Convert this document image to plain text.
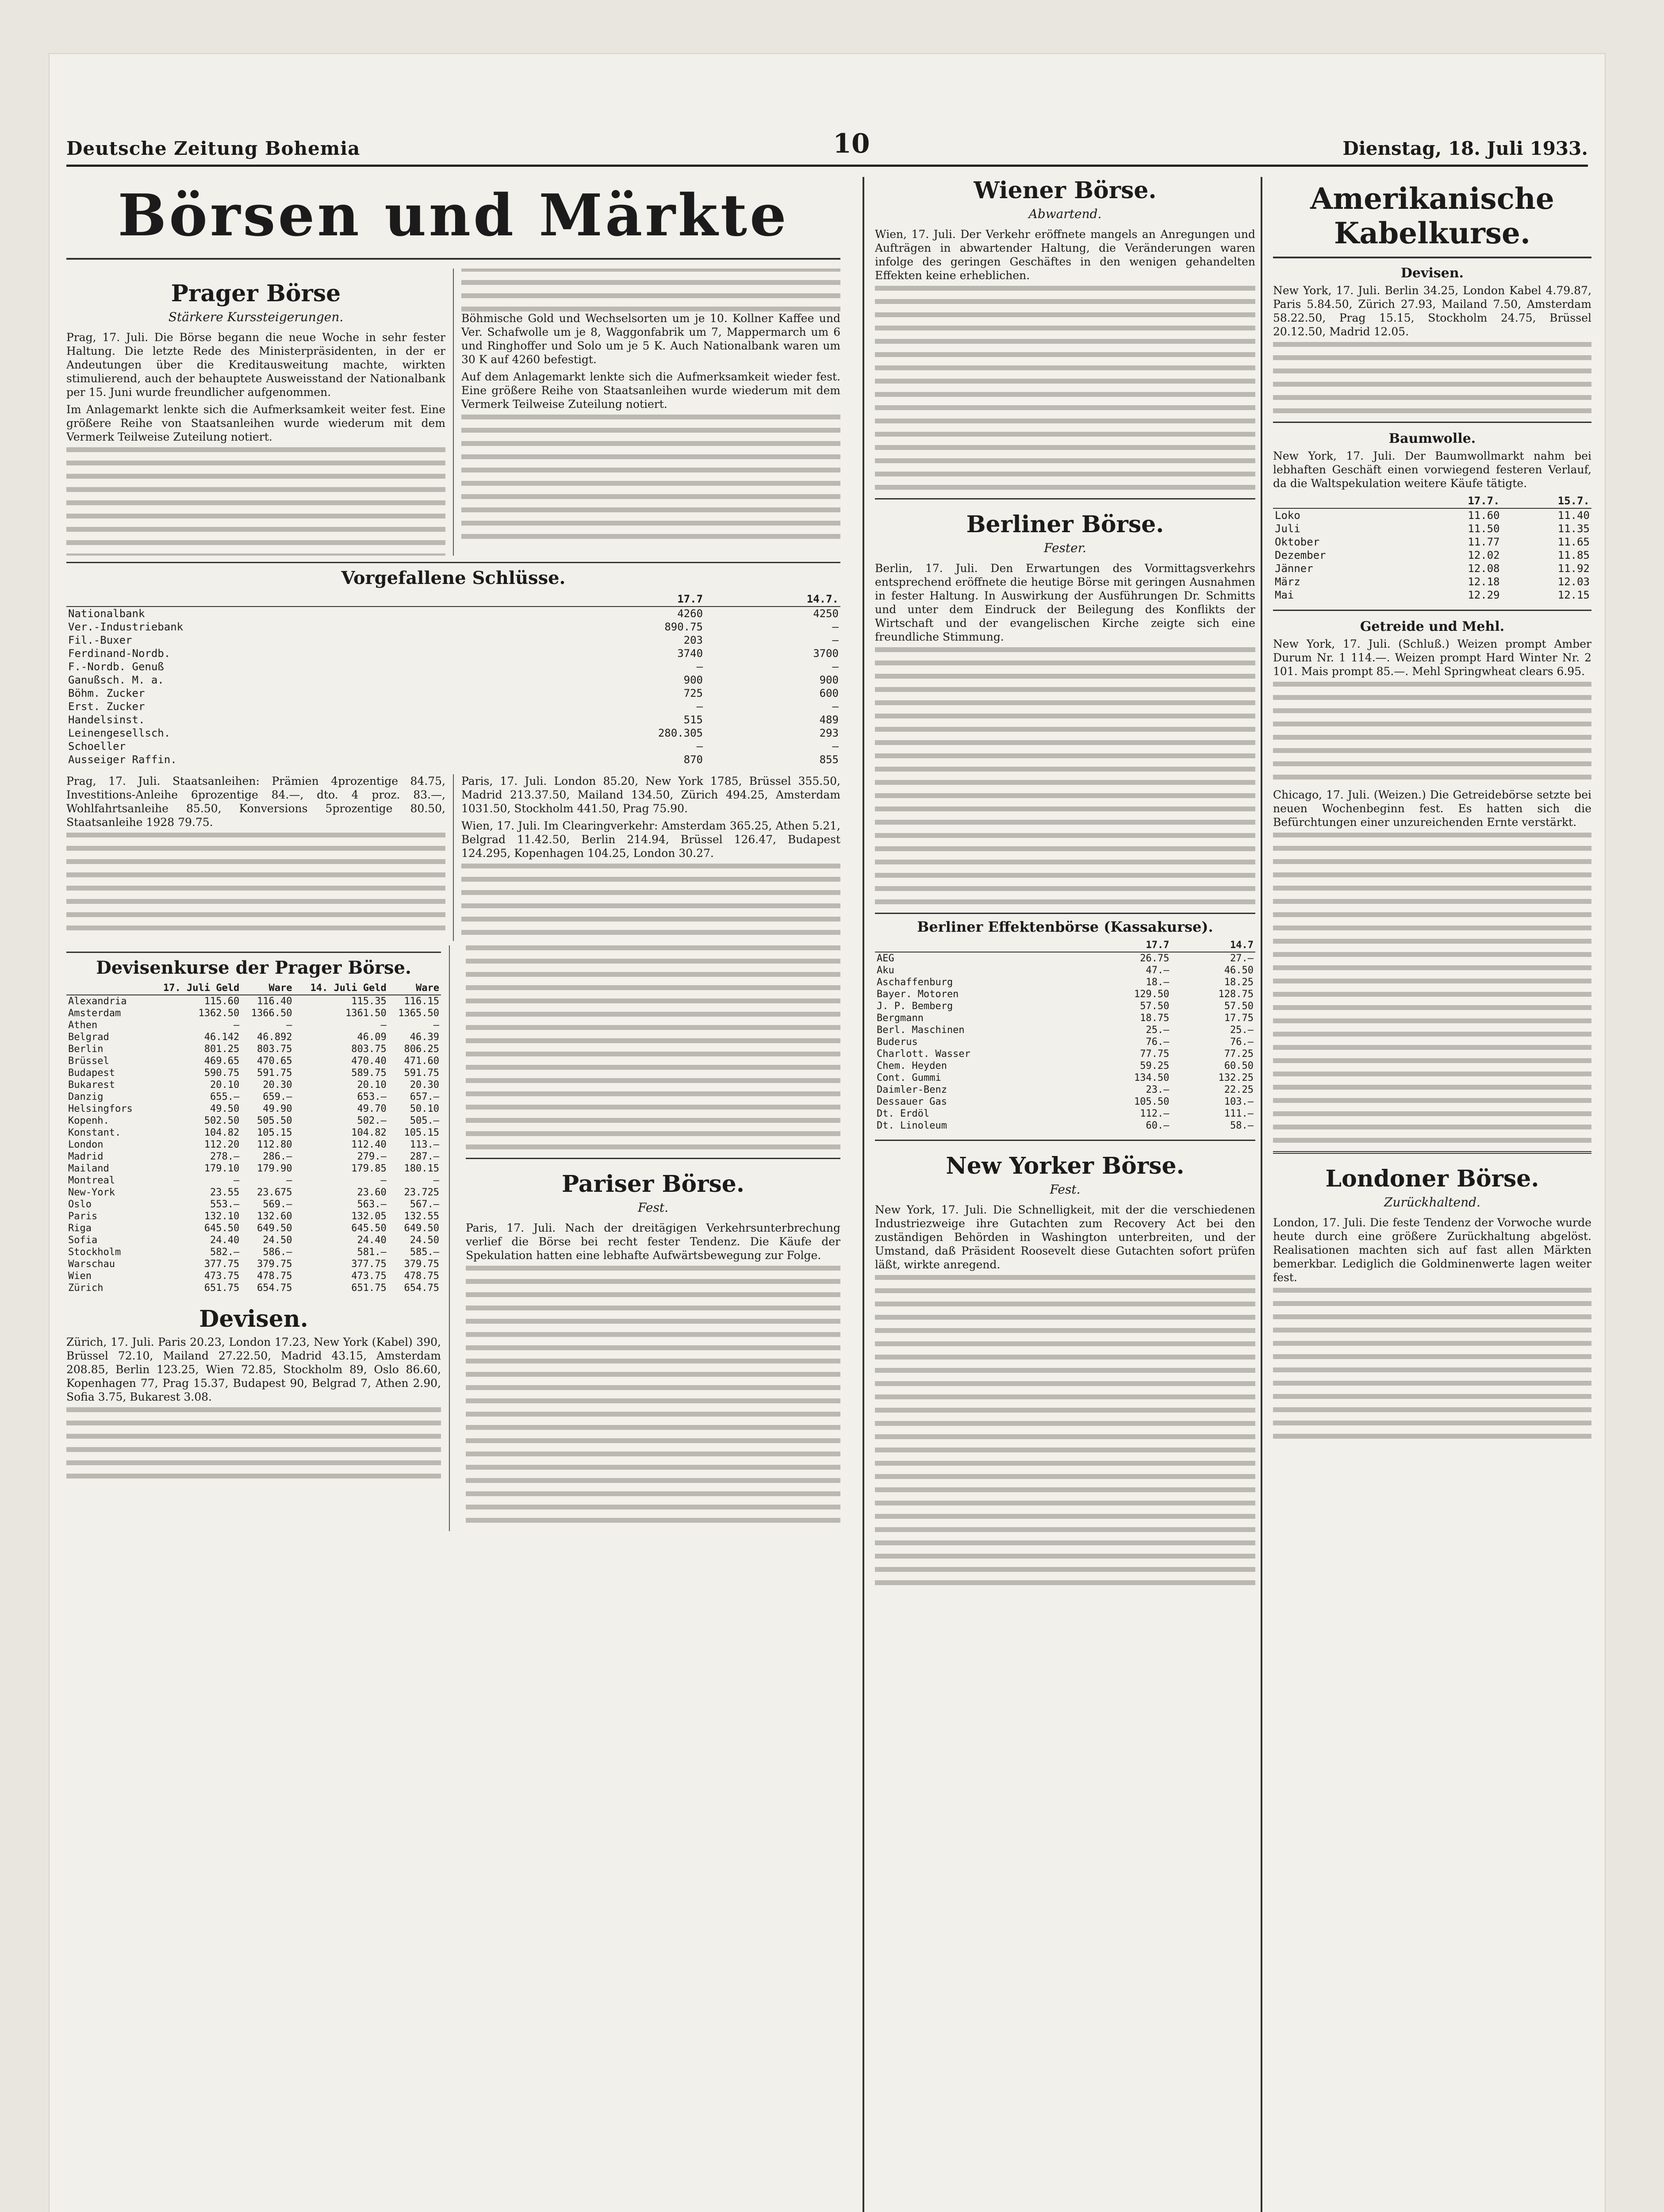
Deutsche Zeitung Bohemia	10	Dienstag, 18. Juli 1933.
Börsen und Märkte
Prager Börse
Stärkere Kurssteigerungen.

Prag, 17. Juli. Die Börse begann die neue Woche in sehr fester Haltung. Die letzte Rede des Ministerpräsidenten, in der er Andeutungen über die Kreditausweitung machte, wirkten stimulierend, auch der behauptete Ausweisstand der Nationalbank per 15. Juni wurde freundlicher aufgenommen.

Im Anlagemarkt lenkte sich die Aufmerksamkeit weiter fest. Eine größere Reihe von Staatsanleihen wurde wiederum mit dem Vermerk Teilweise Zuteilung notiert.

Böhmische Gold und Wechselsorten um je 10. Kollner Kaffee und Ver. Schafwolle um je 8, Waggonfabrik um 7, Mappermarch um 6 und Ringhoffer und Solo um je 5 K. Auch Nationalbank waren um 30 K auf 4260 befestigt.

Auf dem Anlagemarkt lenkte sich die Aufmerksamkeit wieder fest. Eine größere Reihe von Staatsanleihen wurde wiederum mit dem Vermerk Teilweise Zuteilung notiert.

Vorgefallene Schlüsse.
	17.7	14.7.
Nationalbank	4260	4250
Ver.-Industriebank	890.75	—
Fil.-Buxer	203	—
Ferdinand-Nordb.	3740	3700
F.-Nordb. Genuß	—	—
Ganußsch. M. a.	900	900
Böhm. Zucker	725	600
Erst. Zucker	—	—
Handelsinst.	515	489
Leinengesellsch.	280.305	293
Schoeller	—	—
Ausseiger Raffin.	870	855

Prag, 17. Juli. Staatsanleihen: Prämien 4prozentige 84.75, Investitions-Anleihe 6prozentige 84.—, dto. 4 proz. 83.—, Wohlfahrtsanleihe 85.50, Konversions 5prozentige 80.50, Staatsanleihe 1928 79.75.

Paris, 17. Juli. London 85.20, New York 1785, Brüssel 355.50, Madrid 213.37.50, Mailand 134.50, Zürich 494.25, Amsterdam 1031.50, Stockholm 441.50, Prag 75.90.

Wien, 17. Juli. Im Clearingverkehr: Amsterdam 365.25, Athen 5.21, Belgrad 11.42.50, Berlin 214.94, Brüssel 126.47, Budapest 124.295, Kopenhagen 104.25, London 30.27.

Devisenkurse der Prager Börse.
	17. Juli Geld	Ware	14. Juli Geld	Ware
Alexandria	115.60	116.40	115.35	116.15
Amsterdam	1362.50	1366.50	1361.50	1365.50
Athen	—	—	—	—
Belgrad	46.142	46.892	46.09	46.39
Berlin	801.25	803.75	803.75	806.25
Brüssel	469.65	470.65	470.40	471.60
Budapest	590.75	591.75	589.75	591.75
Bukarest	20.10	20.30	20.10	20.30
Danzig	655.—	659.—	653.—	657.—
Helsingfors	49.50	49.90	49.70	50.10
Kopenh.	502.50	505.50	502.—	505.—
Konstant.	104.82	105.15	104.82	105.15
London	112.20	112.80	112.40	113.—
Madrid	278.—	286.—	279.—	287.—
Mailand	179.10	179.90	179.85	180.15
Montreal	—	—	—	—
New-York	23.55	23.675	23.60	23.725
Oslo	553.—	569.—	563.—	567.—
Paris	132.10	132.60	132.05	132.55
Riga	645.50	649.50	645.50	649.50
Sofia	24.40	24.50	24.40	24.50
Stockholm	582.—	586.—	581.—	585.—
Warschau	377.75	379.75	377.75	379.75
Wien	473.75	478.75	473.75	478.75
Zürich	651.75	654.75	651.75	654.75
Devisen.

Zürich, 17. Juli. Paris 20.23, London 17.23, New York (Kabel) 390, Brüssel 72.10, Mailand 27.22.50, Madrid 43.15, Amsterdam 208.85, Berlin 123.25, Wien 72.85, Stockholm 89, Oslo 86.60, Kopenhagen 77, Prag 15.37, Budapest 90, Belgrad 7, Athen 2.90, Sofia 3.75, Bukarest 3.08.

Pariser Börse.
Fest.

Paris, 17. Juli. Nach der dreitägigen Verkehrsunterbrechung verlief die Börse bei recht fester Tendenz. Die Käufe der Spekulation hatten eine lebhafte Aufwärtsbewegung zur Folge.

Wiener Börse.
Abwartend.

Wien, 17. Juli. Der Verkehr eröffnete mangels an Anregungen und Aufträgen in abwartender Haltung, die Veränderungen waren infolge des geringen Geschäftes in den wenigen gehandelten Effekten keine erheblichen.

Berliner Börse.
Fester.

Berlin, 17. Juli. Den Erwartungen des Vormittagsverkehrs entsprechend eröffnete die heutige Börse mit geringen Ausnahmen in fester Haltung. In Auswirkung der Ausführungen Dr. Schmitts und unter dem Eindruck der Beilegung des Konflikts der Wirtschaft und der evangelischen Kirche zeigte sich eine freundliche Stimmung.

Berliner Effektenbörse (Kassakurse).
	17.7	14.7
AEG	26.75	27.—
Aku	47.—	46.50
Aschaffenburg	18.—	18.25
Bayer. Motoren	129.50	128.75
J. P. Bemberg	57.50	57.50
Bergmann	18.75	17.75
Berl. Maschinen	25.—	25.—
Buderus	76.—	76.—
Charlott. Wasser	77.75	77.25
Chem. Heyden	59.25	60.50
Cont. Gummi	134.50	132.25
Daimler-Benz	23.—	22.25
Dessauer Gas	105.50	103.—
Dt. Erdöl	112.—	111.—
Dt. Linoleum	60.—	58.—
New Yorker Börse.
Fest.

New York, 17. Juli. Die Schnelligkeit, mit der die verschiedenen Industriezweige ihre Gutachten zum Recovery Act bei den zuständigen Behörden in Washington unterbreiten, und der Umstand, daß Präsident Roosevelt diese Gutachten sofort prüfen läßt, wirkte anregend.

Amerikanische Kabelkurse.
Devisen.

New York, 17. Juli. Berlin 34.25, London Kabel 4.79.87, Paris 5.84.50, Zürich 27.93, Mailand 7.50, Amsterdam 58.22.50, Prag 15.15, Stockholm 24.75, Brüssel 20.12.50, Madrid 12.05.

Baumwolle.

New York, 17. Juli. Der Baumwollmarkt nahm bei lebhaften Geschäft einen vorwiegend festeren Verlauf, da die Waltspekulation weitere Käufe tätigte.

	17.7.	15.7.
Loko	11.60	11.40
Juli	11.50	11.35
Oktober	11.77	11.65
Dezember	12.02	11.85
Jänner	12.08	11.92
März	12.18	12.03
Mai	12.29	12.15
Getreide und Mehl.

New York, 17. Juli. (Schluß.) Weizen prompt Amber Durum Nr. 1 114.—. Weizen prompt Hard Winter Nr. 2 101. Mais prompt 85.—. Mehl Springwheat clears 6.95.

Chicago, 17. Juli. (Weizen.) Die Getreidebörse setzte bei neuen Wochenbeginn fest. Es hatten sich die Befürchtungen einer unzureichenden Ernte verstärkt.

Londoner Börse.
Zurückhaltend.

London, 17. Juli. Die feste Tendenz der Vorwoche wurde heute durch eine größere Zurückhaltung abgelöst. Realisationen machten sich auf fast allen Märkten bemerkbar. Lediglich die Goldminenwerte lagen weiter fest.
